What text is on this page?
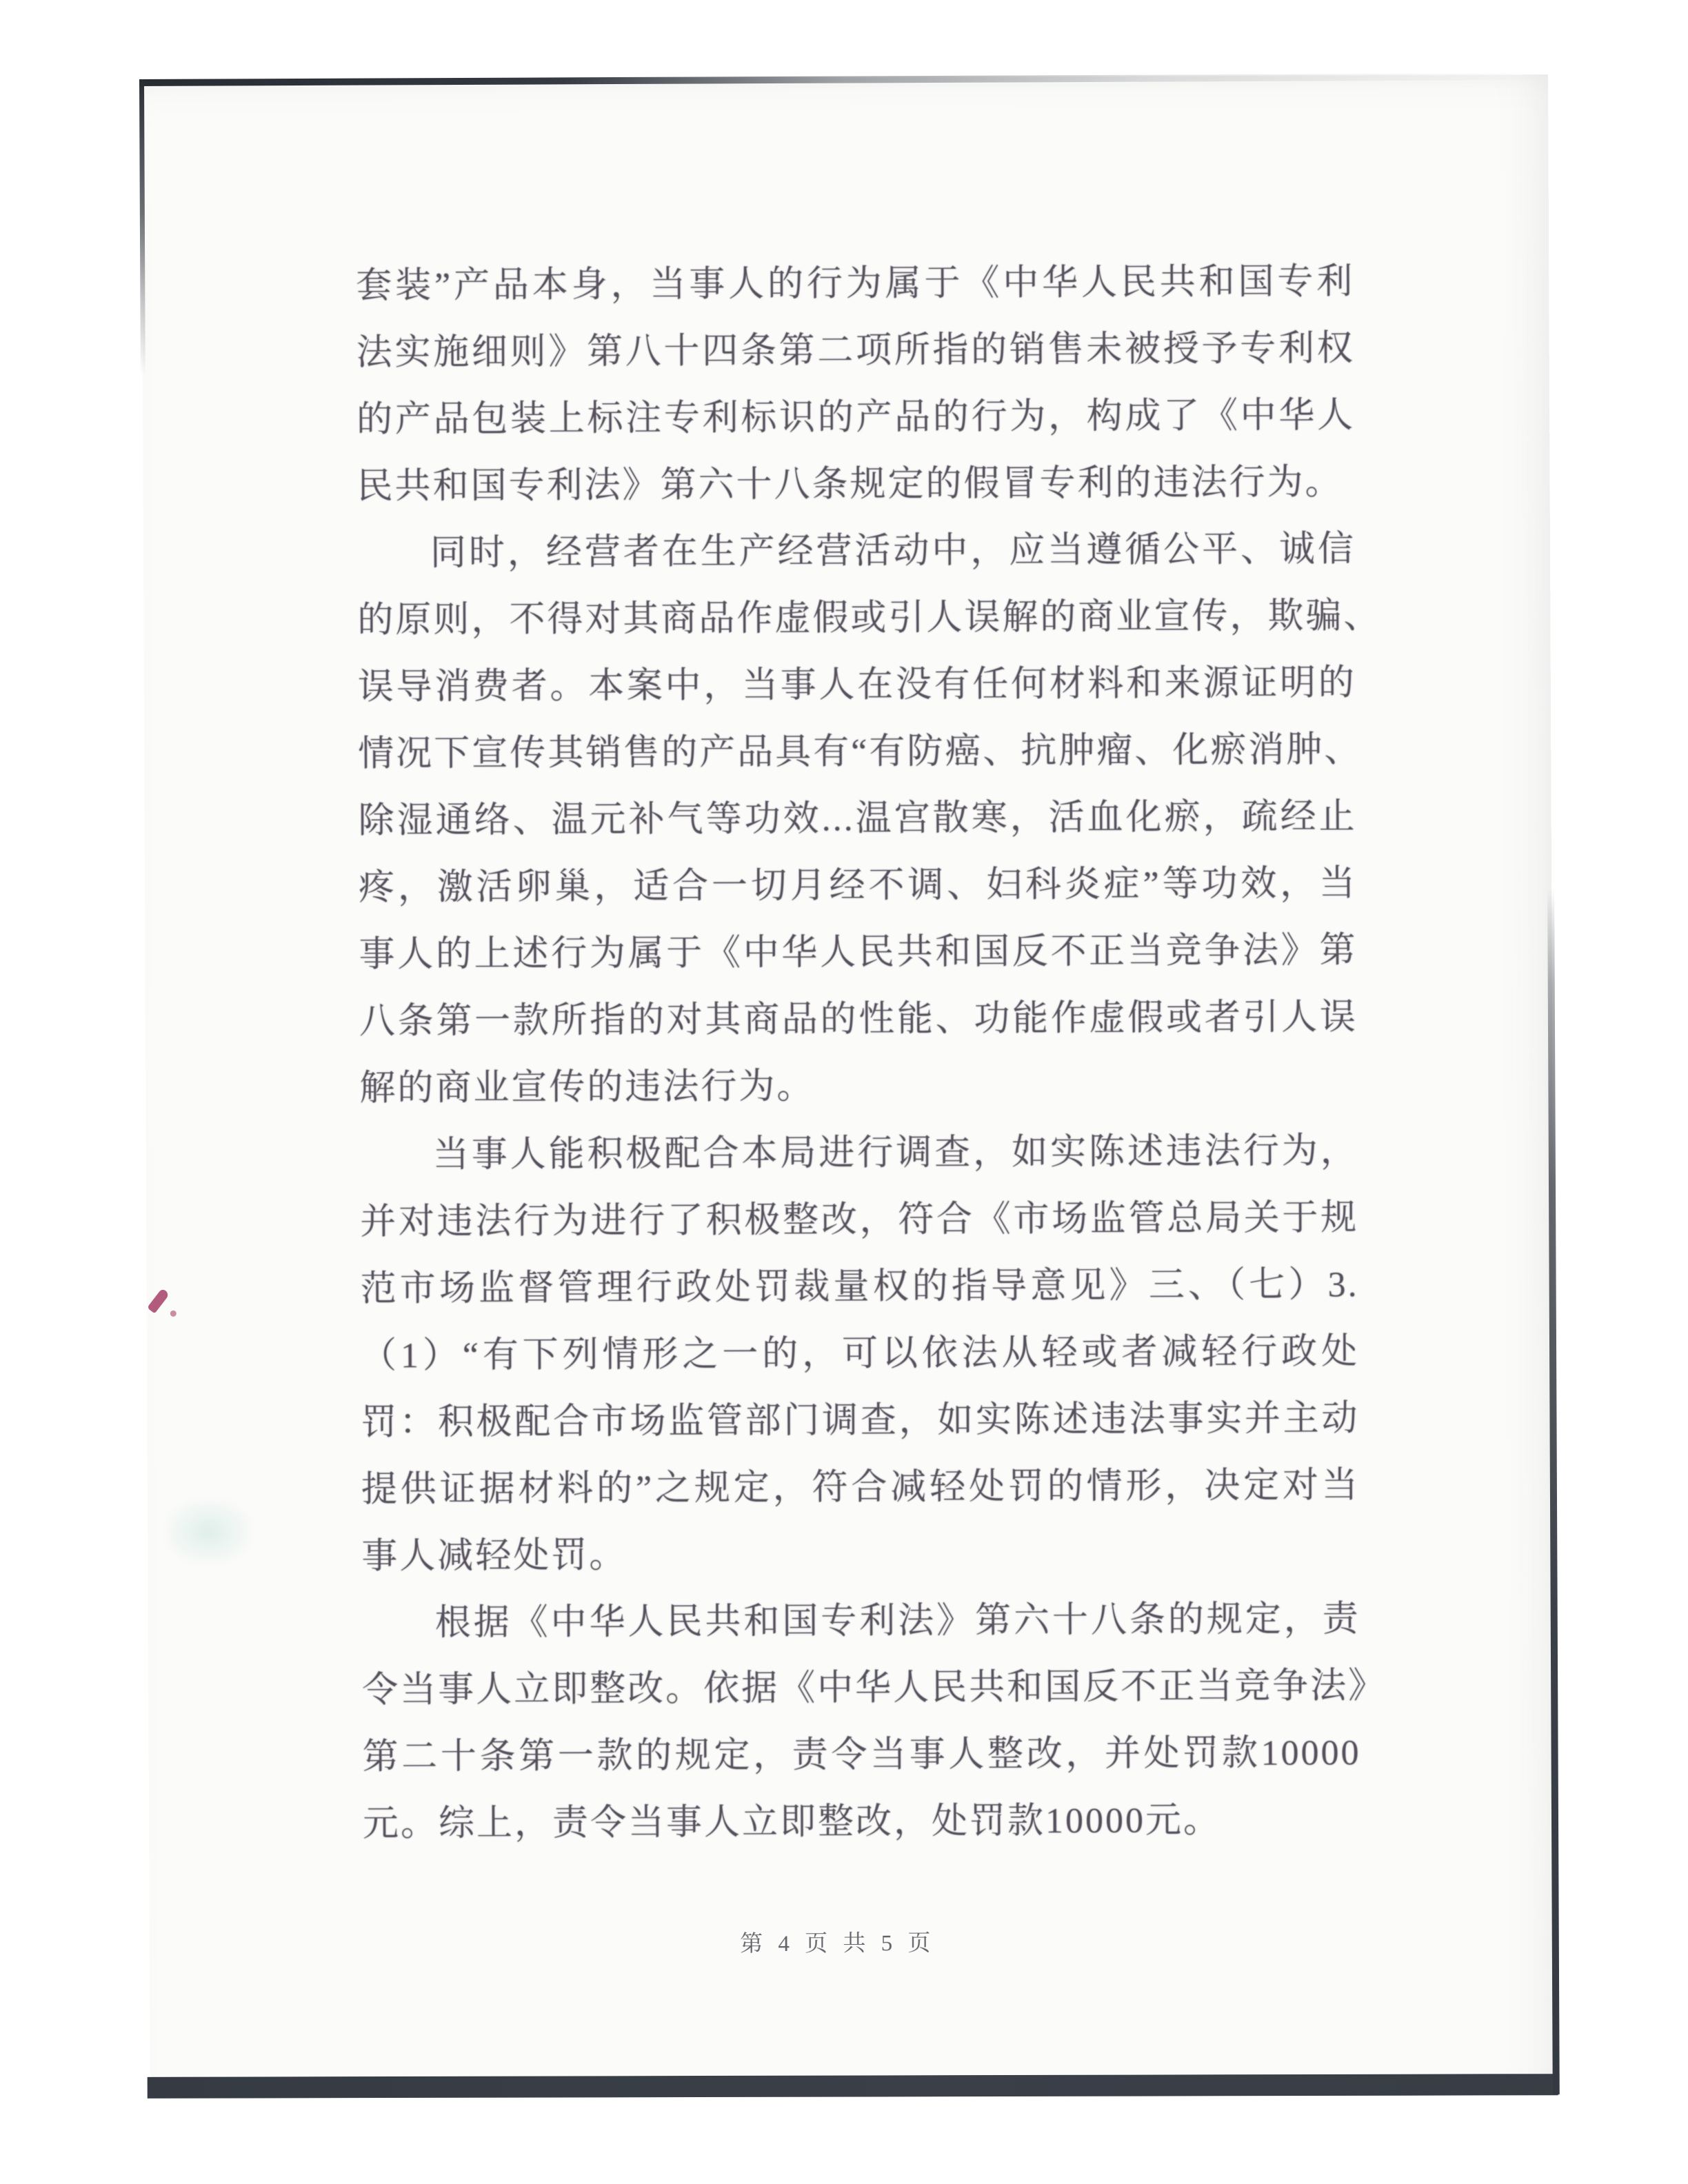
套装”产品本身，当事人的行为属于《中华人民共和国专利
法实施细则》第八十四条第二项所指的销售未被授予专利权
的产品包装上标注专利标识的产品的行为，构成了《中华人
民共和国专利法》第六十八条规定的假冒专利的违法行为。
同时，经营者在生产经营活动中，应当遵循公平、诚信
的原则，不得对其商品作虚假或引人误解的商业宣传，欺骗、
误导消费者。本案中，当事人在没有任何材料和来源证明的
情况下宣传其销售的产品具有“有防癌、抗肿瘤、化瘀消肿、
除湿通络、温元补气等功效...温宫散寒，活血化瘀，疏经止
疼，激活卵巢，适合一切月经不调、妇科炎症”等功效，当
事人的上述行为属于《中华人民共和国反不正当竞争法》第
八条第一款所指的对其商品的性能、功能作虚假或者引人误
解的商业宣传的违法行为。
当事人能积极配合本局进行调查，如实陈述违法行为，
并对违法行为进行了积极整改，符合《市场监管总局关于规
范市场监督管理行政处罚裁量权的指导意见》三、（七）3.
（1）“有下列情形之一的，可以依法从轻或者减轻行政处
罚：积极配合市场监管部门调查，如实陈述违法事实并主动
提供证据材料的”之规定，符合减轻处罚的情形，决定对当
事人减轻处罚。
根据《中华人民共和国专利法》第六十八条的规定，责
令当事人立即整改。依据《中华人民共和国反不正当竞争法》
第二十条第一款的规定，责令当事人整改，并处罚款10000
元。综上，责令当事人立即整改，处罚款10000元。
第 4 页 共 5 页
